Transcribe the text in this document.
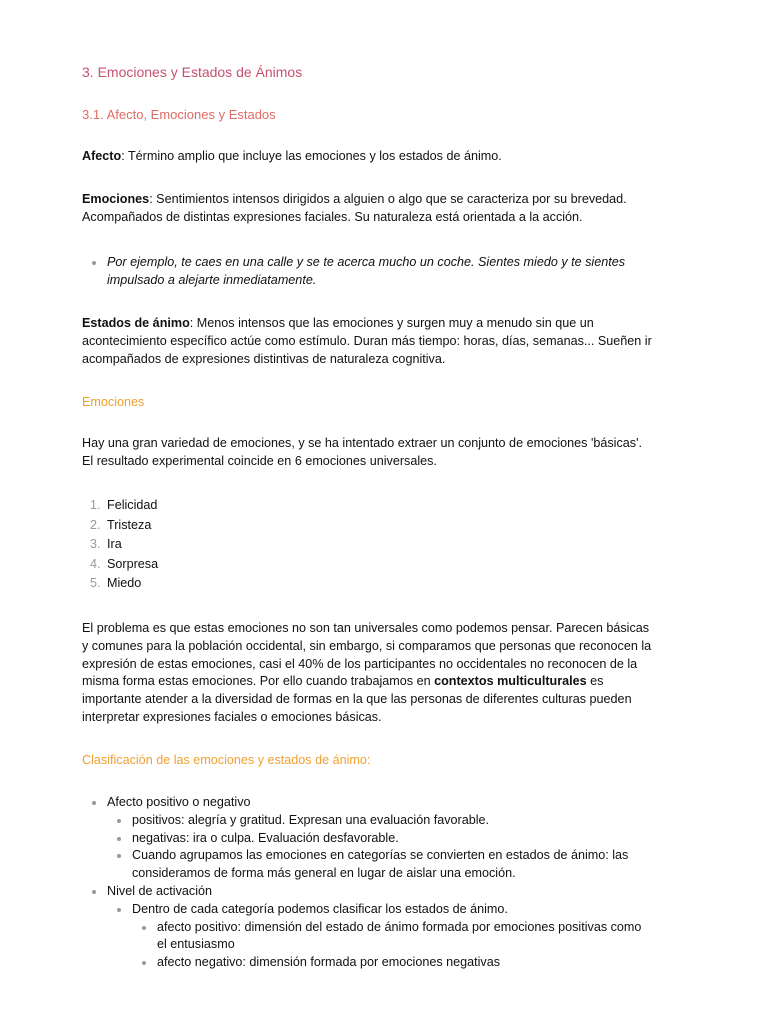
3. Emociones y Estados de Ánimos
3.1. Afecto, Emociones y Estados

Afecto: Término amplio que incluye las emociones y los estados de ánimo.

Emociones: Sentimientos intensos dirigidos a alguien o algo que se caracteriza por su brevedad.
Acompañados de distintas expresiones faciales. Su naturaleza está orientada a la acción.

Por ejemplo, te caes en una calle y se te acerca mucho un coche. Sientes miedo y te sientes
impulsado a alejarte inmediatamente.

Estados de ánimo: Menos intensos que las emociones y surgen muy a menudo sin que un
acontecimiento específico actúe como estímulo. Duran más tiempo: horas, días, semanas... Sueñen ir
acompañados de expresiones distintivas de naturaleza cognitiva.

Emociones

Hay una gran variedad de emociones, y se ha intentado extraer un conjunto de emociones 'básicas'.
El resultado experimental coincide en 6 emociones universales.

1. Felicidad
2. Tristeza
3. Ira
4. Sorpresa
5. Miedo

El problema es que estas emociones no son tan universales como podemos pensar. Parecen básicas
y comunes para la población occidental, sin embargo, si comparamos que personas que reconocen la
expresión de estas emociones, casi el 40% de los participantes no occidentales no reconocen de la
misma forma estas emociones. Por ello cuando trabajamos en contextos multiculturales es
importante atender a la diversidad de formas en la que las personas de diferentes culturas pueden
interpretar expresiones faciales o emociones básicas.

Clasificación de las emociones y estados de ánimo:

Afecto positivo o negativo
positivos: alegría y gratitud. Expresan una evaluación favorable.
negativas: ira o culpa. Evaluación desfavorable.
Cuando agrupamos las emociones en categorías se convierten en estados de ánimo: las
consideramos de forma más general en lugar de aislar una emoción.
Nivel de activación
Dentro de cada categoría podemos clasificar los estados de ánimo.
afecto positivo: dimensión del estado de ánimo formada por emociones positivas como
el entusiasmo
afecto negativo: dimensión formada por emociones negativas
